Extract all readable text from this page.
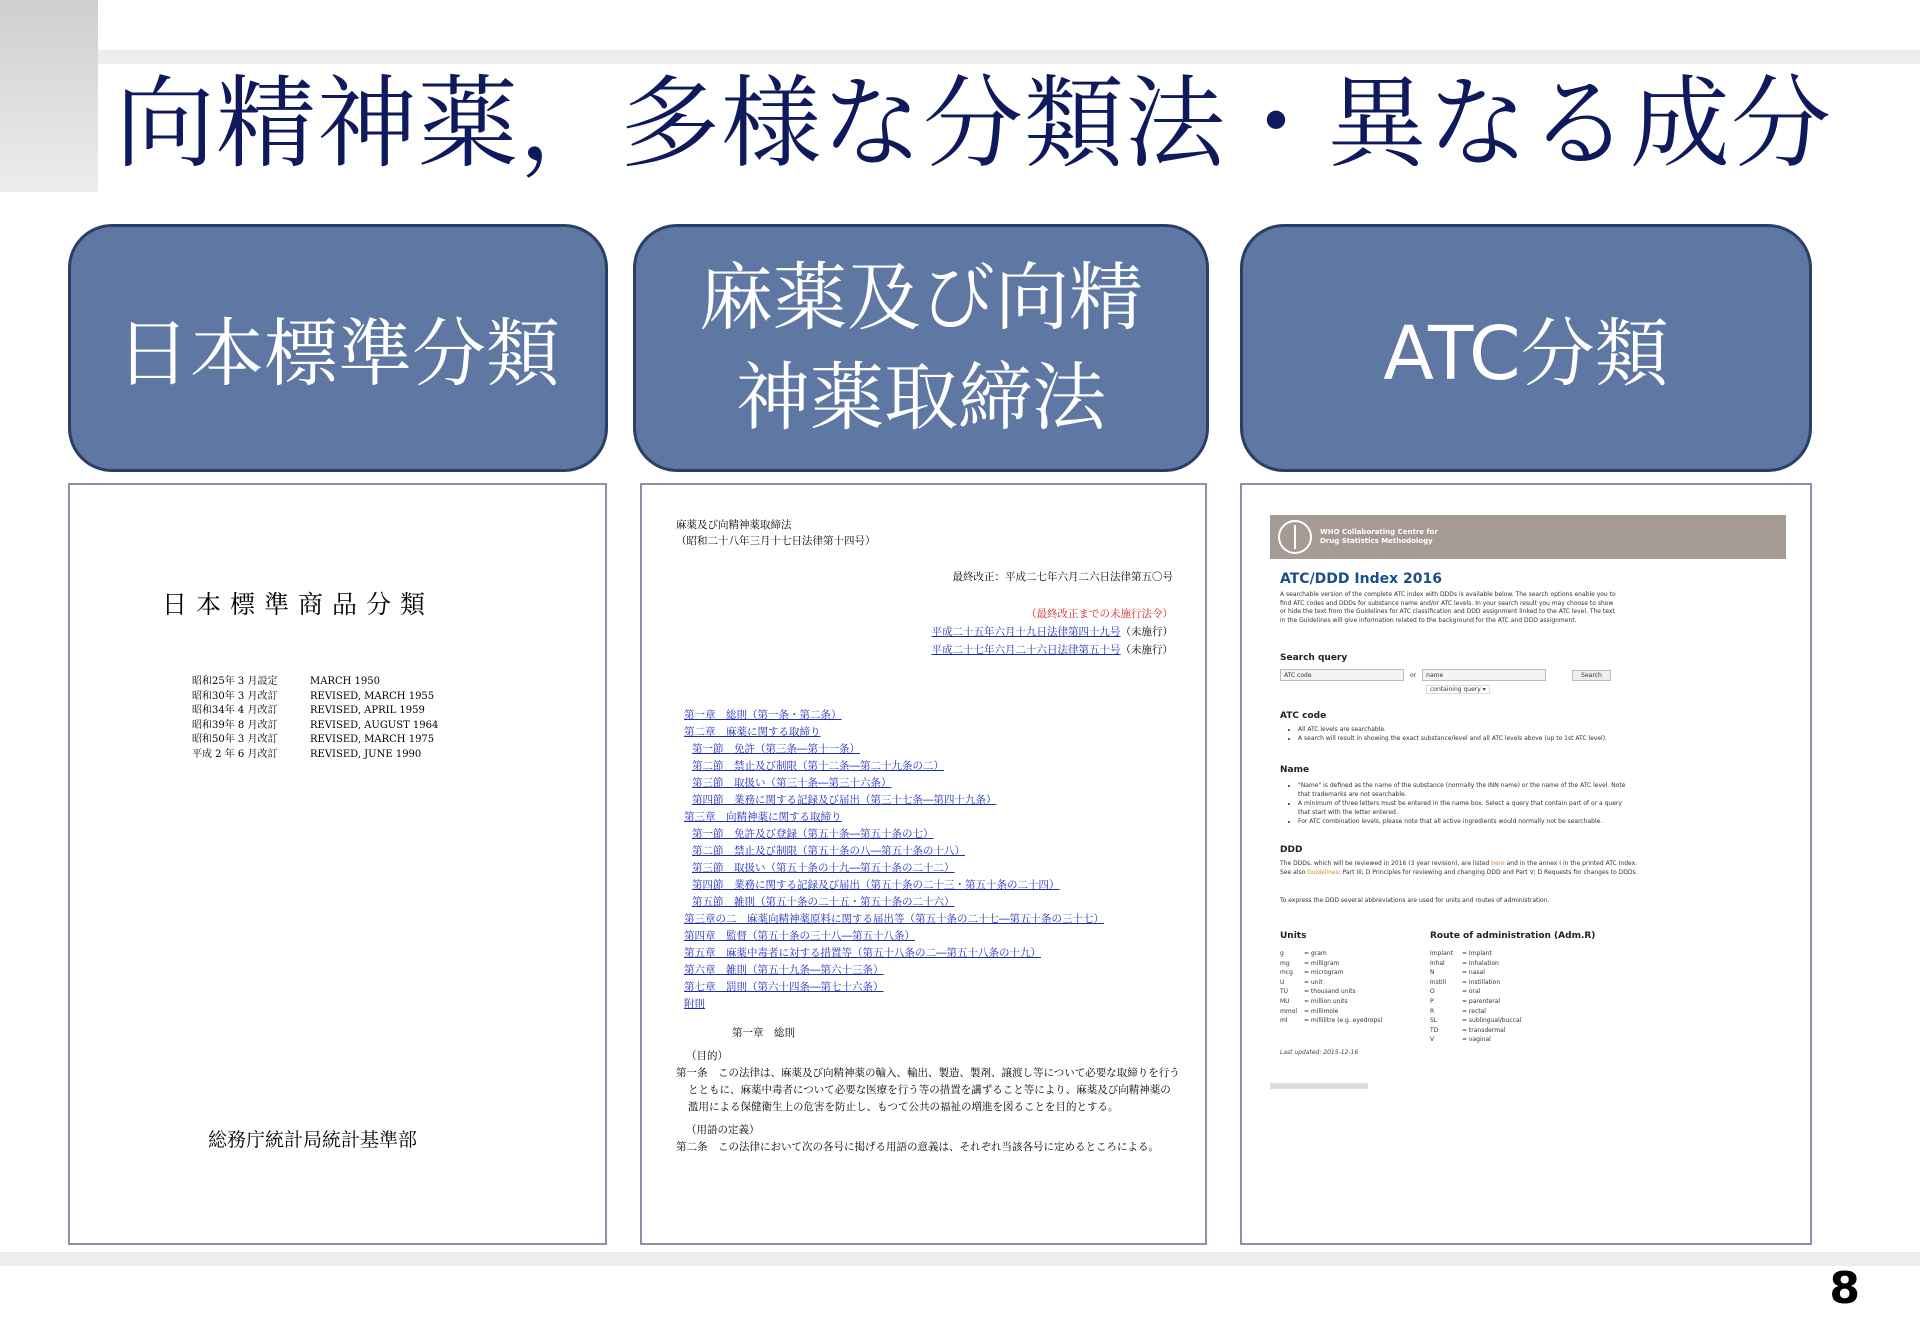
向精神薬，多様な分類法・異なる成分
日本標準分類
麻薬及び向精
神薬取締法
ATC分類
日本標準商品分類
昭和25年 3 月設定	MARCH 1950
昭和30年 3 月改訂	REVISED, MARCH 1955
昭和34年 4 月改訂	REVISED, APRIL 1959
昭和39年 8 月改訂	REVISED, AUGUST 1964
昭和50年 3 月改訂	REVISED, MARCH 1975
平成 2 年 6 月改訂	REVISED, JUNE 1990
総務庁統計局統計基準部
麻薬及び向精神薬取締法
（昭和二十八年三月十七日法律第十四号）
最終改正：平成二七年六月二六日法律第五〇号
（最終改正までの未施行法令）
平成二十五年六月十九日法律第四十九号（未施行）
平成二十七年六月二十六日法律第五十号（未施行）
第一章　総則（第一条・第二条）
第二章　麻薬に関する取締り
第一節　免許（第三条―第十一条）
第二節　禁止及び制限（第十二条―第二十九条の二）
第三節　取扱い（第三十条―第三十六条）
第四節　業務に関する記録及び届出（第三十七条―第四十九条）
第三章　向精神薬に関する取締り
第一節　免許及び登録（第五十条―第五十条の七）
第二節　禁止及び制限（第五十条の八―第五十条の十八）
第三節　取扱い（第五十条の十九―第五十条の二十二）
第四節　業務に関する記録及び届出（第五十条の二十三・第五十条の二十四）
第五節　雑則（第五十条の二十五・第五十条の二十六）
第三章の二　麻薬向精神薬原料に関する届出等（第五十条の二十七―第五十条の三十七）
第四章　監督（第五十条の三十八―第五十八条）
第五章　麻薬中毒者に対する措置等（第五十八条の二―第五十八条の十九）
第六章　雑則（第五十九条―第六十三条）
第七章　罰則（第六十四条―第七十六条）
附則
第一章　総則
（目的）
第一条　この法律は、麻薬及び向精神薬の輸入、輸出、製造、製剤、譲渡し等について必要な取締りを行うとともに、麻薬中毒者について必要な医療を行う等の措置を講ずること等により、麻薬及び向精神薬の濫用による保健衛生上の危害を防止し、もつて公共の福祉の増進を図ることを目的とする。
（用語の定義）
第二条　この法律において次の各号に掲げる用語の意義は、それぞれ当該各号に定めるところによる。
WHO Collaborating Centre for
Drug Statistics Methodology
ATC/DDD Index 2016
A searchable version of the complete ATC index with DDDs is available below. The search options enable you to find ATC codes and DDDs for substance name and/or ATC levels. In your search result you may choose to show or hide the text from the Guidelines for ATC classification and DDD assignment linked to the ATC level. The text in the Guidelines will give information related to the background for the ATC and DDD assignment.
Search query
ATC code	or	name	Search
containing query ▾
ATC code
• All ATC levels are searchable.
• A search will result in showing the exact substance/level and all ATC levels above (up to 1st ATC level).
Name
• "Name" is defined as the name of the substance (normally the INN name) or the name of the ATC level. Note that trademarks are not searchable.
• A minimum of three letters must be entered in the name box. Select a query that contain part of or a query that start with the letter entered.
• For ATC combination levels, please note that all active ingredients would normally not be searchable.
DDD
The DDDs, which will be reviewed in 2016 (3 year revision), are listed here and in the annex I in the printed ATC Index. See also Guidelines: Part III; D Principles for reviewing and changing DDD and Part V; D Requests for changes to DDDs.
To express the DDD several abbreviations are used for units and routes of administration.
Units
g	= gram
mg	= milligram
mcg	= microgram
U	= unit
TU	= thousand units
MU	= million units
mmol	= millimole
ml	= millilitre (e.g. eyedrops)
Route of administration (Adm.R)
Implant	= Implant
Inhal	= Inhalation
N	= nasal
Instill	= Instillation
O	= oral
P	= parenteral
R	= rectal
SL	= sublingual/buccal
TD	= transdermal
V	= vaginal
Last updated: 2015-12-16
8
